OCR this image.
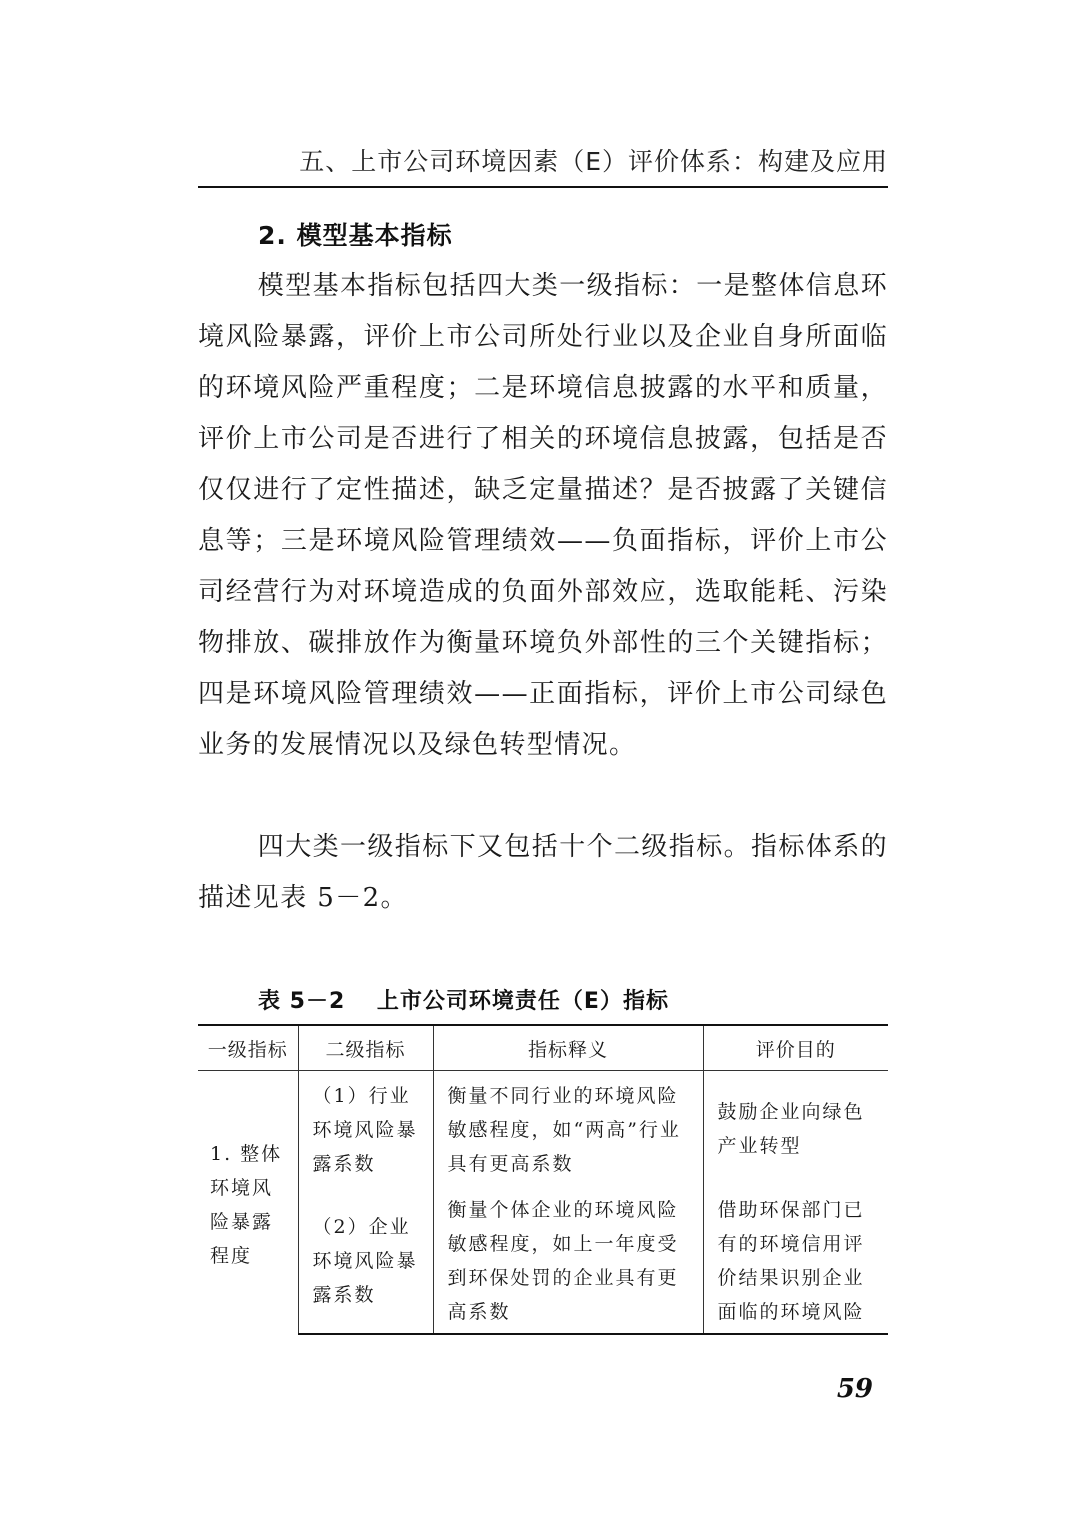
五、上市公司环境因素（E）评价体系：构建及应用
2. 模型基本指标

模型基本指标包括四大类一级指标：一是整体信息环境风险暴露，评价上市公司所处行业以及企业自身所面临的环境风险严重程度；二是环境信息披露的水平和质量，评价上市公司是否进行了相关的环境信息披露，包括是否仅仅进行了定性描述，缺乏定量描述？是否披露了关键信息等；三是环境风险管理绩效——负面指标，评价上市公司经营行为对环境造成的负面外部效应，选取能耗、污染物排放、碳排放作为衡量环境负外部性的三个关键指标；四是环境风险管理绩效——正面指标，评价上市公司绿色业务的发展情况以及绿色转型情况。

四大类一级指标下又包括十个二级指标。指标体系的描述见表 5－2。

表 5－2　 上市公司环境责任（E）指标
一级指标	二级指标	指标释义	评价目的
1. 整体环境风险暴露程度	（1）行业环境风险暴露系数	衡量不同行业的环境风险敏感程度，如“两高”行业具有更高系数	鼓励企业向绿色产业转型
	（2）企业环境风险暴露系数	衡量个体企业的环境风险敏感程度，如上一年度受到环保处罚的企业具有更高系数	借助环保部门已有的环境信用评价结果识别企业面临的环境风险
59
